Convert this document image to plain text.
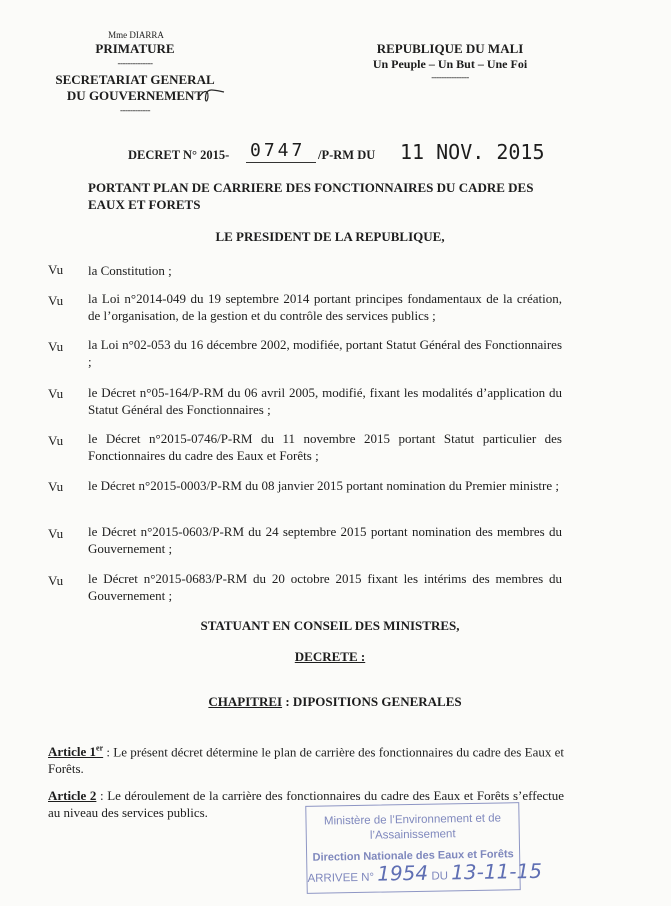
Mme DIARRA
PRIMATURE
--------------
SECRETARIAT GENERAL
DU GOUVERNEMENT
------------
REPUBLIQUE DU MALI
Un Peuple – Un But – Une Foi
---------------
DECRET N° 2015- 0747 /P-RM DU 11 NOV. 2015
PORTANT PLAN DE CARRIERE DES FONCTIONNAIRES DU CADRE DES
EAUX ET FORETS
LE PRESIDENT DE LA REPUBLIQUE,
Vu la Constitution ;
Vu la Loi n°2014-049 du 19 septembre 2014 portant principes fondamentaux de la création, de l’organisation, de la gestion et du contrôle des services publics ;
Vu la Loi n°02-053 du 16 décembre 2002, modifiée, portant Statut Général des Fonctionnaires ;
Vu le Décret n°05-164/P-RM du 06 avril 2005, modifié, fixant les modalités d’application du Statut Général des Fonctionnaires ;
Vu le Décret n°2015-0746/P-RM du 11 novembre 2015 portant Statut particulier des Fonctionnaires du cadre des Eaux et Forêts ;
Vu le Décret n°2015-0003/P-RM du 08 janvier 2015 portant nomination du Premier ministre ;
Vu le Décret n°2015-0603/P-RM du 24 septembre 2015 portant nomination des membres du Gouvernement ;
Vu le Décret n°2015-0683/P-RM du 20 octobre 2015 fixant les intérims des membres du Gouvernement ;
STATUANT EN CONSEIL DES MINISTRES,
DECRETE :
CHAPITREI : DIPOSITIONS GENERALES
Article 1er : Le présent décret détermine le plan de carrière des fonctionnaires du cadre des Eaux et Forêts.
Article 2 : Le déroulement de la carrière des fonctionnaires du cadre des Eaux et Forêts s’effectue au niveau des services publics.	Ministère de l’Environnement et de
l’Assainissement
Direction Nationale des Eaux et Forêts
ARRIVEE N° 1954 DU 13-11-15
